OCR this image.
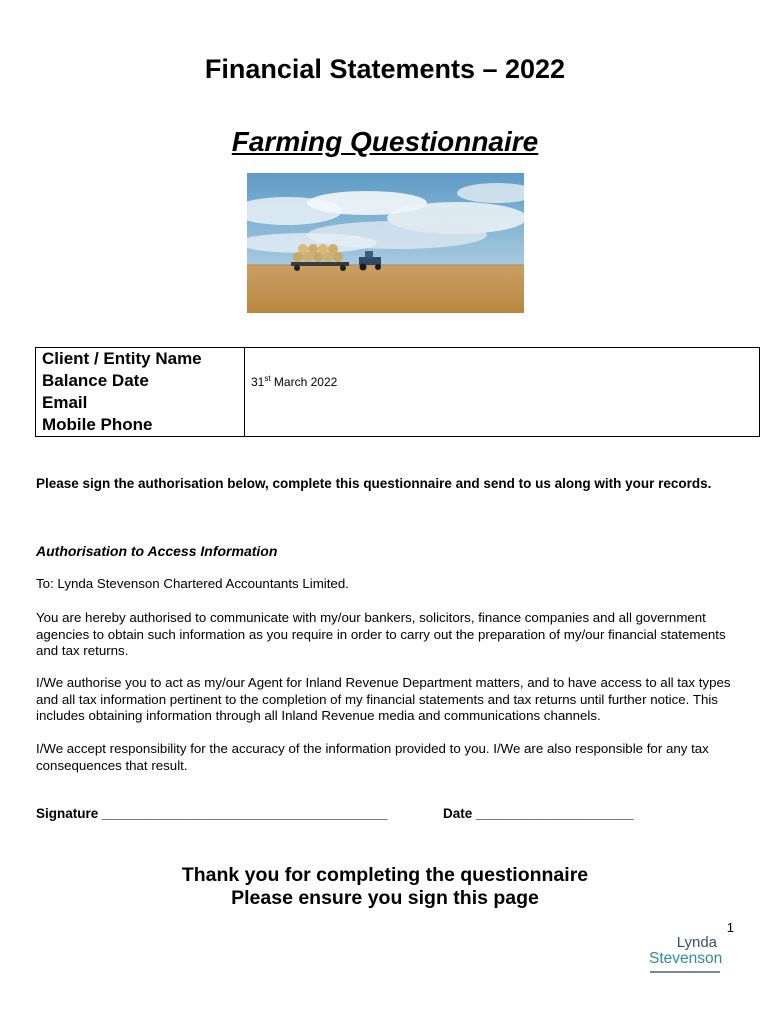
Financial Statements – 2022
Farming Questionnaire
Client / Entity Name	
Balance Date	31st March 2022
Email	
Mobile Phone	

Please sign the authorisation below, complete this questionnaire and send to us along with your records.

Authorisation to Access Information

To: Lynda Stevenson Chartered Accountants Limited.

You are hereby authorised to communicate with my/our bankers, solicitors, finance companies and all government agencies to obtain such information as you require in order to carry out the preparation of my/our financial statements and tax returns.

I/We authorise you to act as my/our Agent for Inland Revenue Department matters, and to have access to all tax types and all tax information pertinent to the completion of my financial statements and tax returns until further notice. This includes obtaining information through all Inland Revenue media and communications channels.

I/We accept responsibility for the accuracy of the information provided to you. I/We are also responsible for any tax consequences that result.

Signature ______________________________________	Date _____________________

Thank you for completing the questionnaire

Please ensure you sign this page

1

Lynda
Stevenson
